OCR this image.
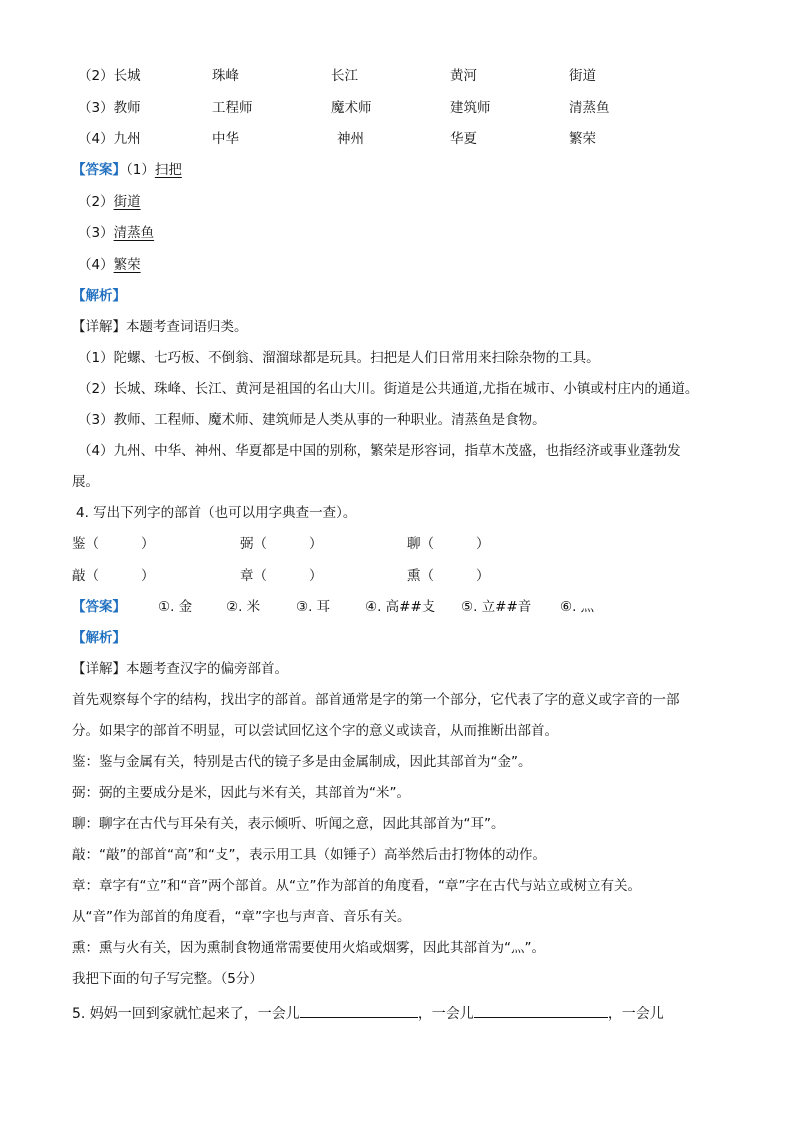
（2）长城	珠峰	长江	黄河	街道
（3）教师	工程师	魔术师	建筑师	清蒸鱼
（4）九州	中华	神州	华夏	繁荣
【答案】（1）扫把
（2）街道
（3）清蒸鱼
（4）繁荣
【解析】
【详解】本题考查词语归类。
（1）陀螺、七巧板、不倒翁、溜溜球都是玩具。扫把是人们日常用来扫除杂物的工具。
（2）长城、珠峰、长江、黄河是祖国的名山大川。街道是公共通道,尤指在城市、小镇或村庄内的通道。
（3）教师、工程师、魔术师、建筑师是人类从事的一种职业。清蒸鱼是食物。
（4）九州、中华、神州、华夏都是中国的别称，繁荣是形容词，指草木茂盛，也指经济或事业蓬勃发
展。
4. 写出下列字的部首（也可以用字典查一查）。
鉴（	）	弼（	）	聊（	）
敲（	）	章（	）	熏（	）
【答案】 ①. 金	②. 米	③. 耳	④. 高##攴 ⑤. 立##音 ⑥. 灬
【解析】
【详解】本题考查汉字的偏旁部首。
首先观察每个字的结构，找出字的部首。部首通常是字的第一个部分，它代表了字的意义或字音的一部
分。如果字的部首不明显，可以尝试回忆这个字的意义或读音，从而推断出部首。
鉴：鉴与金属有关，特别是古代的镜子多是由金属制成，因此其部首为“金”。
弼：弼的主要成分是米，因此与米有关，其部首为“米”。
聊：聊字在古代与耳朵有关，表示倾听、听闻之意，因此其部首为“耳”。
敲：“敲”的部首“高”和“攴”，表示用工具（如锤子）高举然后击打物体的动作。
章：章字有“立”和“音”两个部首。从“立”作为部首的角度看，“章”字在古代与站立或树立有关。
从“音”作为部首的角度看，“章”字也与声音、音乐有关。
熏：熏与火有关，因为熏制食物通常需要使用火焰或烟雾，因此其部首为“灬”。
我把下面的句子写完整。（5分）
5. 妈妈一回到家就忙起来了，一会儿	，一会儿	，一会儿
